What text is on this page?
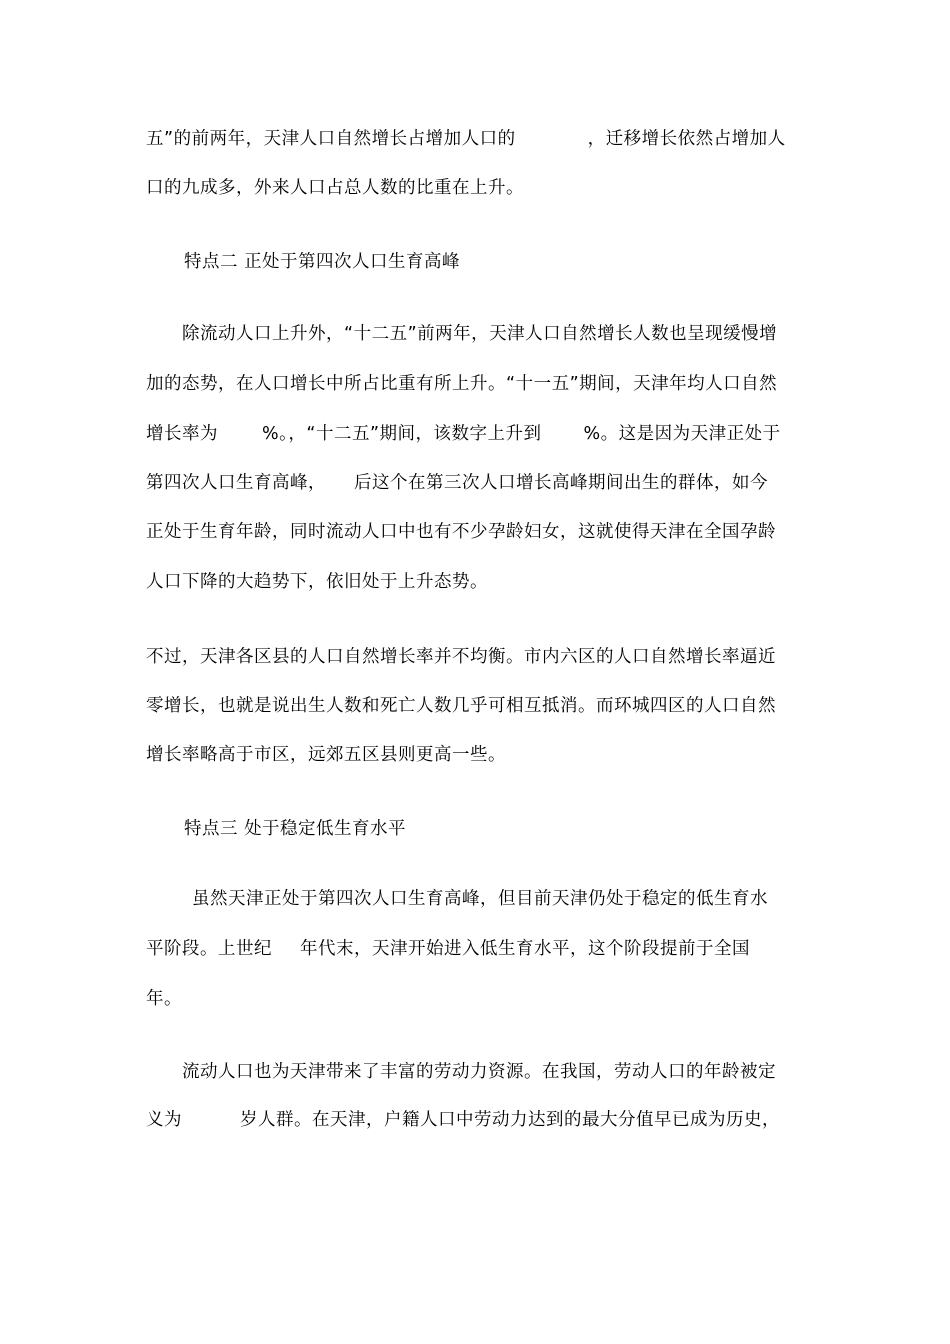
五”的前两年，天津人口自然增长占增加人口的	，迁移增长依然占增加人
口的九成多，外来人口占总人数的比重在上升。
特点二 正处于第四次人口生育高峰
除流动人口上升外，“十二五”前两年，天津人口自然增长人数也呈现缓慢增
加的态势，在人口增长中所占比重有所上升。“十一五”期间，天津年均人口自然
增长率为	%。，“十二五”期间，该数字上升到 %。这是因为天津正处于
第四次人口生育高峰， 后这个在第三次人口增长高峰期间出生的群体，如今
正处于生育年龄，同时流动人口中也有不少孕龄妇女，这就使得天津在全国孕龄
人口下降的大趋势下，依旧处于上升态势。
不过，天津各区县的人口自然增长率并不均衡。市内六区的人口自然增长率逼近
零增长，也就是说出生人数和死亡人数几乎可相互抵消。而环城四区的人口自然
增长率略高于市区，远郊五区县则更高一些。
特点三 处于稳定低生育水平
虽然天津正处于第四次人口生育高峰，但目前天津仍处于稳定的低生育水
平阶段。上世纪 年代末，天津开始进入低生育水平，这个阶段提前于全国
年。
流动人口也为天津带来了丰富的劳动力资源。在我国，劳动人口的年龄被定
义为	岁人群。在天津，户籍人口中劳动力达到的最大分值早已成为历史，
